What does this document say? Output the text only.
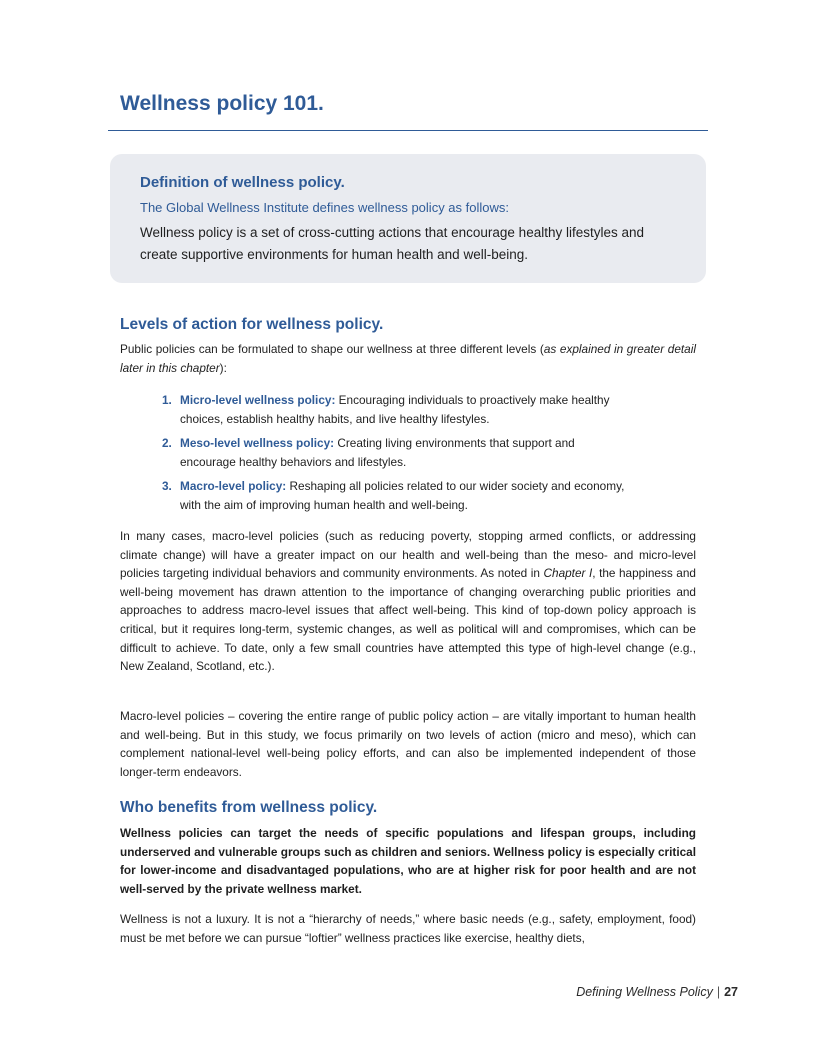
Wellness policy 101.

Definition of wellness policy.

The Global Wellness Institute defines wellness policy as follows:

Wellness policy is a set of cross-cutting actions that encourage healthy lifestyles and create supportive environments for human health and well-being.

Levels of action for wellness policy.

Public policies can be formulated to shape our wellness at three different levels (as explained in greater detail later in this chapter):

1. Micro-level wellness policy: Encouraging individuals to proactively make healthy choices, establish healthy habits, and live healthy lifestyles.
2. Meso-level wellness policy: Creating living environments that support and encourage healthy behaviors and lifestyles.
3. Macro-level policy: Reshaping all policies related to our wider society and economy, with the aim of improving human health and well-being.

In many cases, macro-level policies (such as reducing poverty, stopping armed conflicts, or addressing climate change) will have a greater impact on our health and well-being than the meso- and micro-level policies targeting individual behaviors and community environments. As noted in Chapter I, the happiness and well-being movement has drawn attention to the importance of changing overarching public priorities and approaches to address macro-level issues that affect well-being. This kind of top-down policy approach is critical, but it requires long-term, systemic changes, as well as political will and compromises, which can be difficult to achieve. To date, only a few small countries have attempted this type of high-level change (e.g., New Zealand, Scotland, etc.).

Macro-level policies – covering the entire range of public policy action – are vitally important to human health and well-being. But in this study, we focus primarily on two levels of action (micro and meso), which can complement national-level well-being policy efforts, and can also be implemented independent of those longer-term endeavors.

Who benefits from wellness policy.

Wellness policies can target the needs of specific populations and lifespan groups, including underserved and vulnerable groups such as children and seniors. Wellness policy is especially critical for lower-income and disadvantaged populations, who are at higher risk for poor health and are not well-served by the private wellness market.

Wellness is not a luxury. It is not a “hierarchy of needs,” where basic needs (e.g., safety, employment, food) must be met before we can pursue “loftier” wellness practices like exercise, healthy diets,

Defining Wellness Policy | 27
